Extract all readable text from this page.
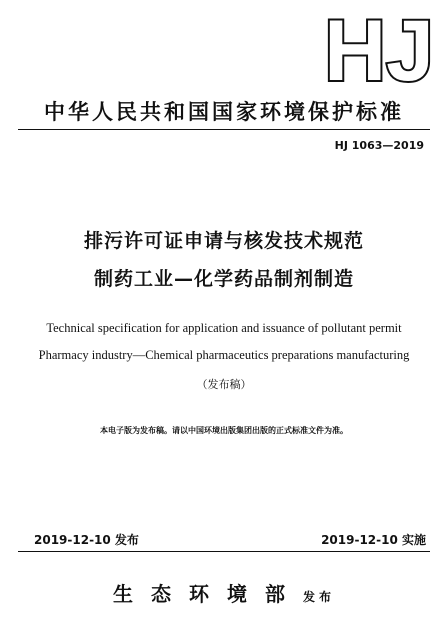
HJ
中华人民共和国国家环境保护标准
HJ 1063—2019
排污许可证申请与核发技术规范
制药工业—化学药品制剂制造
Technical specification for application and issuance of pollutant permit
Pharmacy industry—Chemical pharmaceutics preparations manufacturing
（发布稿）
本电子版为发布稿。请以中国环境出版集团出版的正式标准文件为准。
2019-12-10 发布	2019-12-10 实施
生态环境部发布
